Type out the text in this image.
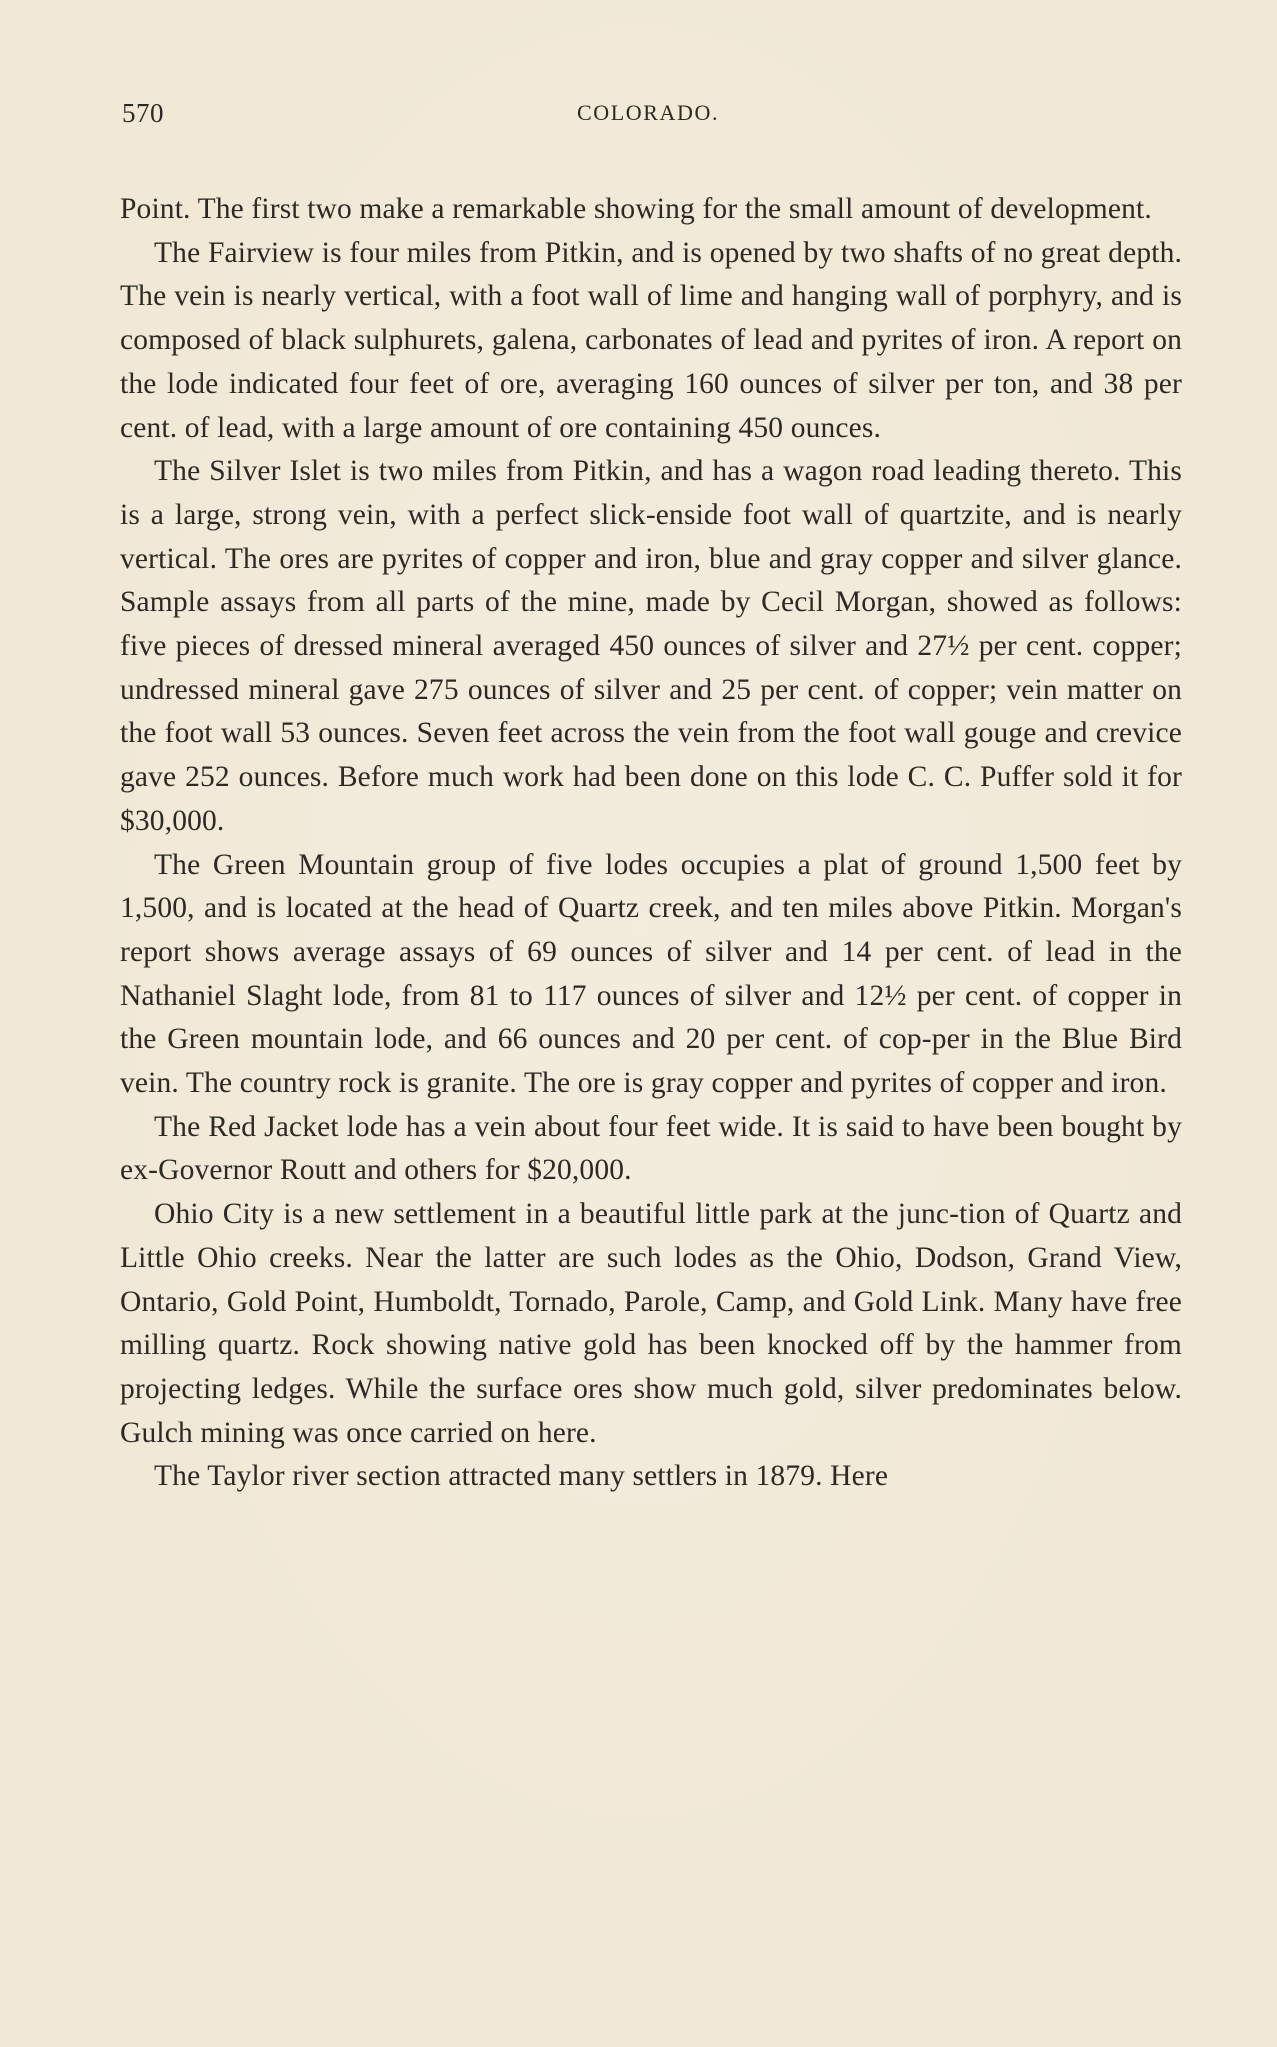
570	COLORADO.

Point. The first two make a remarkable showing for the small amount of development.

The Fairview is four miles from Pitkin, and is opened by two shafts of no great depth. The vein is nearly vertical, with a foot wall of lime and hanging wall of porphyry, and is composed of black sulphurets, galena, carbonates of lead and pyrites of iron. A report on the lode indicated four feet of ore, averaging 160 ounces of silver per ton, and 38 per cent. of lead, with a large amount of ore containing 450 ounces.

The Silver Islet is two miles from Pitkin, and has a wagon road leading thereto. This is a large, strong vein, with a perfect slick-enside foot wall of quartzite, and is nearly vertical. The ores are pyrites of copper and iron, blue and gray copper and silver glance. Sample assays from all parts of the mine, made by Cecil Morgan, showed as follows: five pieces of dressed mineral averaged 450 ounces of silver and 27½ per cent. copper; undressed mineral gave 275 ounces of silver and 25 per cent. of copper; vein matter on the foot wall 53 ounces. Seven feet across the vein from the foot wall gouge and crevice gave 252 ounces. Before much work had been done on this lode C. C. Puffer sold it for $30,000.

The Green Mountain group of five lodes occupies a plat of ground 1,500 feet by 1,500, and is located at the head of Quartz creek, and ten miles above Pitkin. Morgan's report shows average assays of 69 ounces of silver and 14 per cent. of lead in the Nathaniel Slaght lode, from 81 to 117 ounces of silver and 12½ per cent. of copper in the Green mountain lode, and 66 ounces and 20 per cent. of cop-per in the Blue Bird vein. The country rock is granite. The ore is gray copper and pyrites of copper and iron.

The Red Jacket lode has a vein about four feet wide. It is said to have been bought by ex-Governor Routt and others for $20,000.

Ohio City is a new settlement in a beautiful little park at the junc-tion of Quartz and Little Ohio creeks. Near the latter are such lodes as the Ohio, Dodson, Grand View, Ontario, Gold Point, Humboldt, Tornado, Parole, Camp, and Gold Link. Many have free milling quartz. Rock showing native gold has been knocked off by the hammer from projecting ledges. While the surface ores show much gold, silver predominates below. Gulch mining was once carried on here.

The Taylor river section attracted many settlers in 1879. Here
